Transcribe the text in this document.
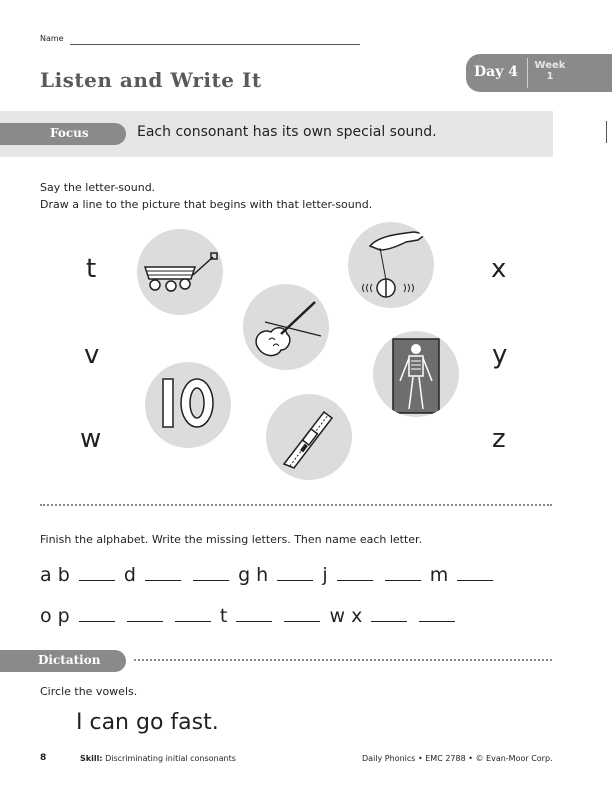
Name
Listen and Write It	Day 4 Week
1
Focus	Each consonant has its own special sound.
Say the letter-sound.
Draw a line to the picture that begins with that letter-sound.
t
v
w
x
y
z
Finish the alphabet. Write the missing letters. Then name each letter.
a b	d	g h	j	m
o p	t	w x
Dictation
Circle the vowels.
I can go fast.
8	Skill: Discriminating initial consonants	Daily Phonics • EMC 2788 • © Evan-Moor Corp.
